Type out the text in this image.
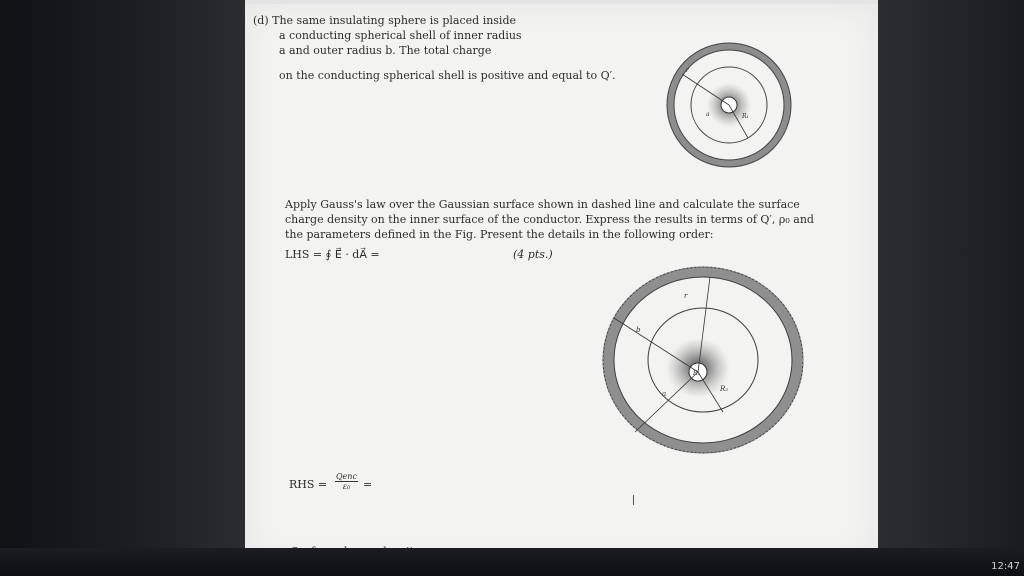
(d) The same insulating sphere is placed inside
a conducting spherical shell of inner radius
a and outer radius b. The total charge
on the conducting spherical shell is positive and equal to Q′.	r
a	R₁
Apply Gauss's law over the Gaussian surface shown in dashed line and calculate the surface
charge density on the inner surface of the conductor. Express the results in terms of Q′, ρ₀ and
the parameters defined in the Fig. Present the details in the following order:
LHS = ∮ E⃗ · dA⃗ =	(4 pts.)
r
b
a
R₁
R₂
RHS =
Qenc
ε₀	=
12:47
